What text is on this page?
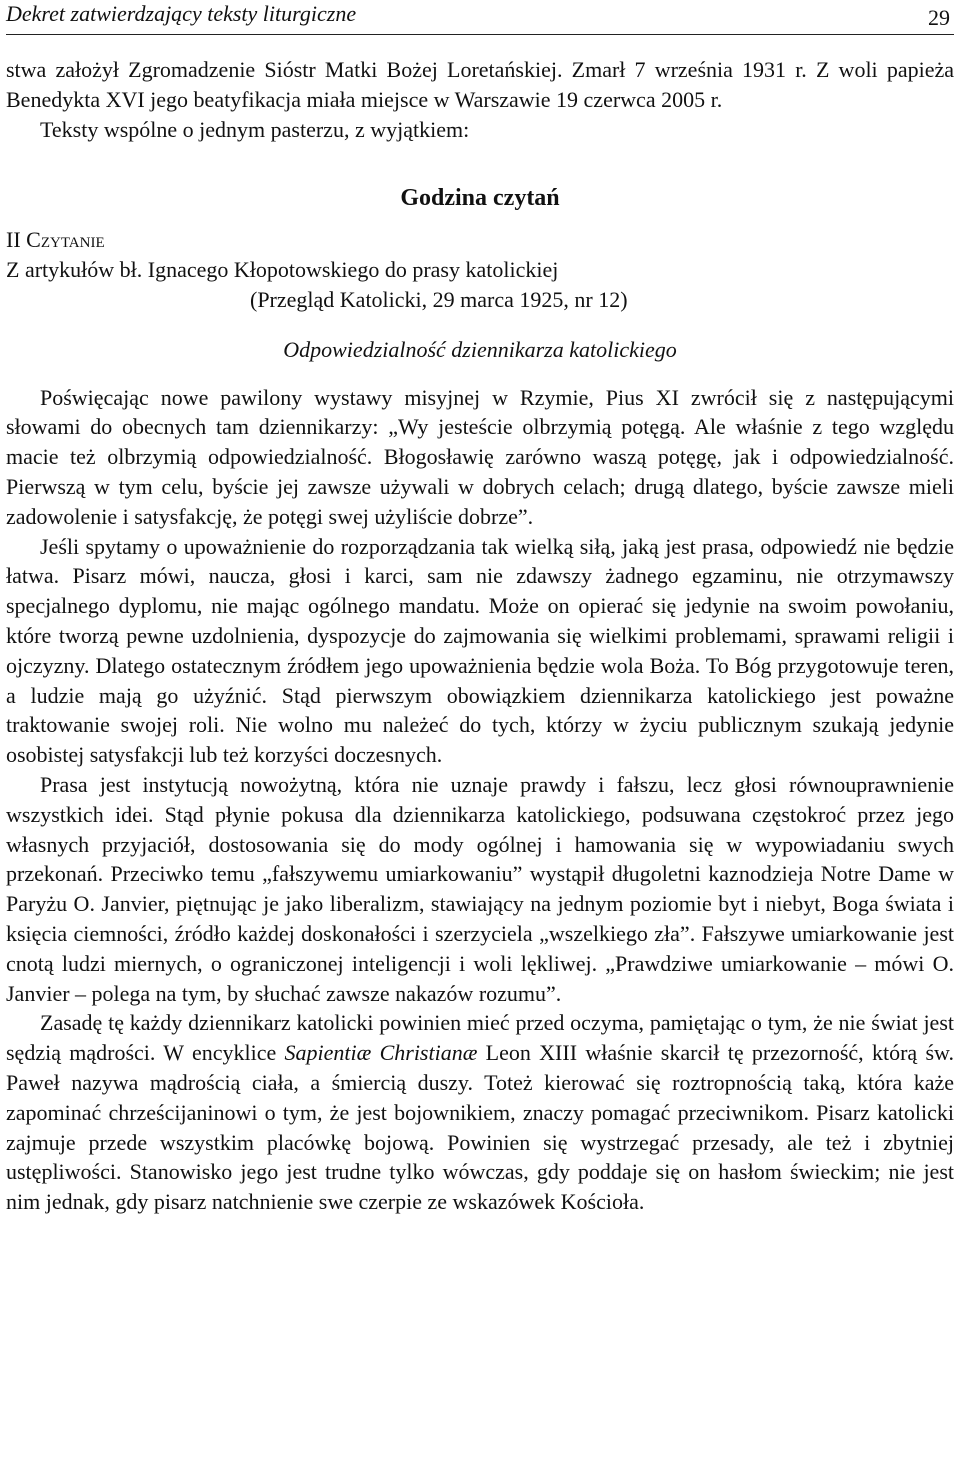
Dekret zatwierdzający teksty liturgiczne	29

stwa założył Zgromadzenie Sióstr Matki Bożej Loretańskiej. Zmarł 7 września 1931 r. Z woli papieża Benedykta XVI jego beatyfikacja miała miejsce w Warszawie 19 czerwca 2005 r.

Teksty wspólne o jednym pasterzu, z wyjątkiem:

Godzina czytań

II Czytanie

Z artykułów bł. Ignacego Kłopotowskiego do prasy katolickiej

(Przegląd Katolicki, 29 marca 1925, nr 12)

Odpowiedzialność dziennikarza katolickiego

Poświęcając nowe pawilony wystawy misyjnej w Rzymie, Pius XI zwrócił się z następującymi słowami do obecnych tam dziennikarzy: „Wy jesteście olbrzymią potęgą. Ale właśnie z tego względu macie też olbrzymią odpowiedzialność. Błogosławię zarówno waszą potęgę, jak i odpowiedzialność. Pierwszą w tym celu, byście jej zawsze używali w dobrych celach; drugą dlatego, byście zawsze mieli zadowolenie i satysfakcję, że potęgi swej użyliście dobrze”.

Jeśli spytamy o upoważnienie do rozporządzania tak wielką siłą, jaką jest prasa, odpowiedź nie będzie łatwa. Pisarz mówi, naucza, głosi i karci, sam nie zdawszy żadnego egzaminu, nie otrzymawszy specjalnego dyplomu, nie mając ogólnego mandatu. Może on opierać się jedynie na swoim powołaniu, które tworzą pewne uzdolnienia, dyspozycje do zajmowania się wielkimi problemami, sprawami religii i ojczyzny. Dlatego ostatecznym źródłem jego upoważnienia będzie wola Boża. To Bóg przygotowuje teren, a ludzie mają go użyźnić. Stąd pierwszym obowiązkiem dziennikarza katolickiego jest poważne traktowanie swojej roli. Nie wolno mu należeć do tych, którzy w życiu publicznym szukają jedynie osobistej satysfakcji lub też korzyści doczesnych.

Prasa jest instytucją nowożytną, która nie uznaje prawdy i fałszu, lecz głosi równouprawnienie wszystkich idei. Stąd płynie pokusa dla dziennikarza katolickiego, podsuwana częstokroć przez jego własnych przyjaciół, dostosowania się do mody ogólnej i hamowania się w wypowiadaniu swych przekonań. Przeciwko temu „fałszywemu umiarkowaniu” wystąpił długoletni kaznodzieja Notre Dame w Paryżu O. Janvier, piętnując je jako liberalizm, stawiający na jednym poziomie byt i niebyt, Boga świata i księcia ciemności, źródło każdej doskonałości i szerzyciela „wszelkiego zła”. Fałszywe umiarkowanie jest cnotą ludzi miernych, o ograniczonej inteligencji i woli lękliwej. „Prawdziwe umiarkowanie – mówi O. Janvier – polega na tym, by słuchać zawsze nakazów rozumu”.

Zasadę tę każdy dziennikarz katolicki powinien mieć przed oczyma, pamiętając o tym, że nie świat jest sędzią mądrości. W encyklice Sapientiæ Christianæ Leon XIII właśnie skarcił tę przezorność, którą św. Paweł nazywa mądrością ciała, a śmiercią duszy. Toteż kierować się roztropnością taką, która każe zapominać chrześcijaninowi o tym, że jest bojownikiem, znaczy pomagać przeciwnikom. Pisarz katolicki zajmuje przede wszystkim placówkę bojową. Powinien się wystrzegać przesady, ale też i zbytniej ustępliwości. Stanowisko jego jest trudne tylko wówczas, gdy poddaje się on hasłom świeckim; nie jest nim jednak, gdy pisarz natchnienie swe czerpie ze wskazówek Kościoła.
